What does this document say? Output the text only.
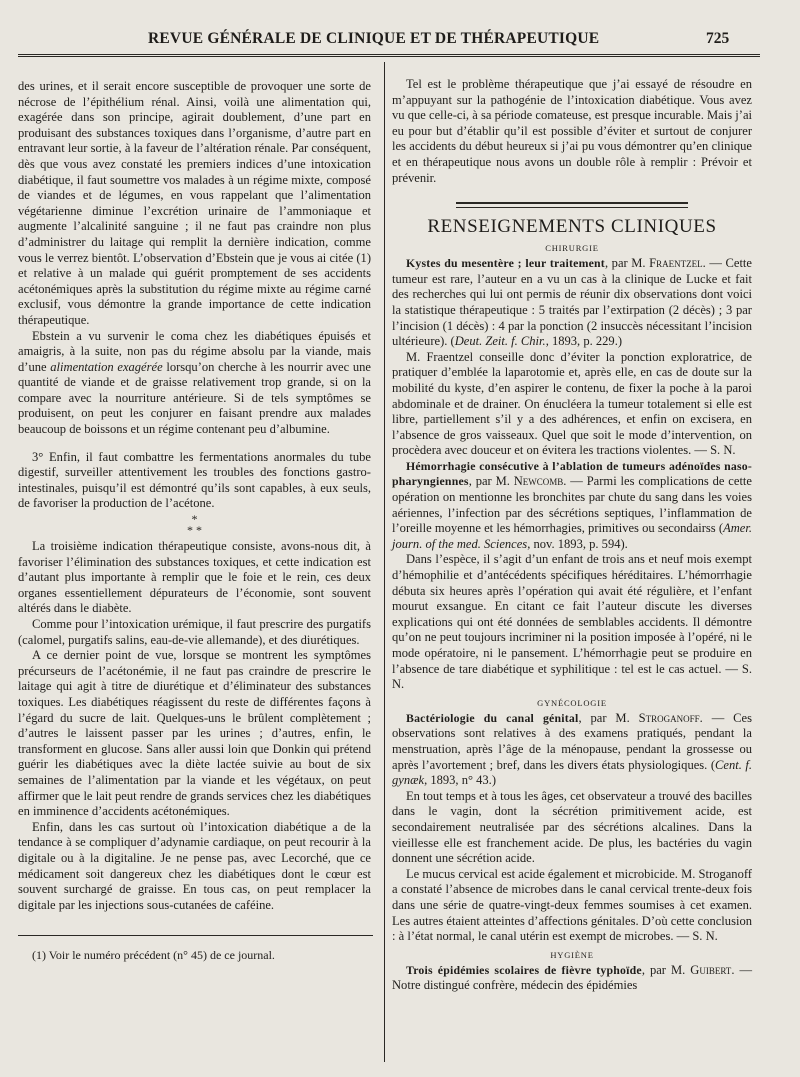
REVUE GÉNÉRALE DE CLINIQUE ET DE THÉRAPEUTIQUE	725

des urines, et il serait encore susceptible de provoquer une sorte de nécrose de l’épithélium rénal. Ainsi, voilà une alimentation qui, exagérée dans son principe, agirait doublement, d’une part en produisant des substances toxiques dans l’organisme, d’autre part en entravant leur sortie, à la faveur de l’altération rénale. Par conséquent, dès que vous avez constaté les premiers indices d’une intoxication diabétique, il faut soumettre vos malades à un régime mixte, composé de viandes et de légumes, en vous rappelant que l’alimentation végétarienne diminue l’excrétion urinaire de l’ammoniaque et augmente l’alcalinité sanguine ; il ne faut pas craindre non plus d’administrer du laitage qui remplit la dernière indication, comme vous le verrez bientôt. L’observation d’Ebstein que je vous ai citée (1) et relative à un malade qui guérit promptement de ses accidents acétonémiques après la substitution du régime mixte au régime carné exclusif, vous démontre la grande importance de cette indication thérapeutique.

Ebstein a vu survenir le coma chez les diabétiques épuisés et amaigris, à la suite, non pas du régime absolu par la viande, mais d’une alimentation exagérée lorsqu’on cherche à les nourrir avec une quantité de viande et de graisse relativement trop grande, si on la compare avec la nourriture antérieure. Si de tels symptômes se produisent, on peut les conjurer en faisant prendre aux malades beaucoup de boissons et un régime contenant peu d’albumine.

3° Enfin, il faut combattre les fermentations anormales du tube digestif, surveiller attentivement les troubles des fonctions gastro-intestinales, puisqu’il est démontré qu’ils sont capables, à eux seuls, de favoriser la production de l’acétone.

*
* *

La troisième indication thérapeutique consiste, avons-nous dit, à favoriser l’élimination des substances toxiques, et cette indication est d’autant plus importante à remplir que le foie et le rein, ces deux organes essentiellement dépurateurs de l’économie, sont souvent altérés dans le diabète.

Comme pour l’intoxication urémique, il faut prescrire des purgatifs (calomel, purgatifs salins, eau-de-vie allemande), et des diurétiques.

A ce dernier point de vue, lorsque se montrent les symptômes précurseurs de l’acétonémie, il ne faut pas craindre de prescrire le laitage qui agit à titre de diurétique et d’éliminateur des substances toxiques. Les diabétiques réagissent du reste de différentes façons à l’égard du sucre de lait. Quelques-uns le brûlent complètement ; d’autres le laissent passer par les urines ; d’autres, enfin, le transforment en glucose. Sans aller aussi loin que Donkin qui prétend guérir les diabétiques avec la diète lactée suivie au bout de six semaines de l’alimentation par la viande et les végétaux, on peut affirmer que le lait peut rendre de grands services chez les diabétiques en imminence d’accidents acétonémiques.

Enfin, dans les cas surtout où l’intoxication diabétique a de la tendance à se compliquer d’adynamie cardiaque, on peut recourir à la digitale ou à la digitaline. Je ne pense pas, avec Lecorché, que ce médicament soit dangereux chez les diabétiques dont le cœur est souvent surchargé de graisse. En tous cas, on peut remplacer la digitale par les injections sous-cutanées de caféine.

(1) Voir le numéro précédent (n° 45) de ce journal.

Tel est le problème thérapeutique que j’ai essayé de résoudre en m’appuyant sur la pathogénie de l’intoxication diabétique. Vous avez vu que celle-ci, à sa période comateuse, est presque incurable. Mais j’ai eu pour but d’établir qu’il est possible d’éviter et surtout de conjurer les accidents du début heureux si j’ai pu vous démontrer qu’en clinique et en thérapeutique nous avons un double rôle à remplir : Prévoir et prévenir.

RENSEIGNEMENTS CLINIQUES
CHIRURGIE

Kystes du mesentère ; leur traitement, par M. Fraentzel. — Cette tumeur est rare, l’auteur en a vu un cas à la clinique de Lucke et fait des recherches qui lui ont permis de réunir dix observations dont voici la statistique thérapeutique : 5 traités par l’extirpation (2 décès) ; 3 par l’incision (1 décès) : 4 par la ponction (2 insuccès nécessitant l’incision ultérieure). (Deut. Zeit. f. Chir., 1893, p. 229.)

M. Fraentzel conseille donc d’éviter la ponction exploratrice, de pratiquer d’emblée la laparotomie et, après elle, en cas de doute sur la mobilité du kyste, d’en aspirer le contenu, de fixer la poche à la paroi abdominale et de drainer. On énucléera la tumeur totalement si elle est libre, partiellement s’il y a des adhérences, et enfin on excisera, en l’absence de gros vaisseaux. Quel que soit le mode d’intervention, on procèdera avec douceur et on évitera les tractions violentes. — S. N.

Hémorrhagie consécutive à l’ablation de tumeurs adénoïdes naso-pharyngiennes, par M. Newcomb. — Parmi les complications de cette opération on mentionne les bronchites par chute du sang dans les voies aériennes, l’infection par des sécrétions septiques, l’inflammation de l’oreille moyenne et les hémorrhagies, primitives ou secondairss (Amer. journ. of the med. Sciences, nov. 1893, p. 594).

Dans l’espèce, il s’agit d’un enfant de trois ans et neuf mois exempt d’hémophilie et d’antécédents spécifiques héréditaires. L’hémorrhagie débuta six heures après l’opération qui avait été régulière, et l’enfant mourut exsangue. En citant ce fait l’auteur discute les diverses explications qui ont été données de semblables accidents. Il démontre qu’on ne peut toujours incriminer ni la position imposée à l’opéré, ni le mode opératoire, ni le pansement. L’hémorrhagie peut se produire en l’absence de tare diabétique et syphilitique : tel est le cas actuel. — S. N.

GYNÉCOLOGIE

Bactériologie du canal génital, par M. Stroganoff. — Ces observations sont relatives à des examens pratiqués, pendant la menstruation, après l’âge de la ménopause, pendant la grossesse ou après l’avortement ; bref, dans les divers états physiologiques. (Cent. f. gynæk, 1893, n° 43.)

En tout temps et à tous les âges, cet observateur a trouvé des bacilles dans le vagin, dont la sécrétion primitivement acide, est secondairement neutralisée par des sécrétions alcalines. Dans la vieillesse elle est franchement acide. De plus, les bactéries du vagin donnent une sécrétion acide.

Le mucus cervical est acide également et microbicide. M. Stroganoff a constaté l’absence de microbes dans le canal cervical trente-deux fois dans une série de quatre-vingt-deux femmes soumises à cet examen. Les autres étaient atteintes d’affections génitales. D’où cette conclusion : à l’état normal, le canal utérin est exempt de microbes. — S. N.

HYGIÈNE

Trois épidémies scolaires de fièvre typhoïde, par M. Guibert. — Notre distingué confrère, médecin des épidémies
